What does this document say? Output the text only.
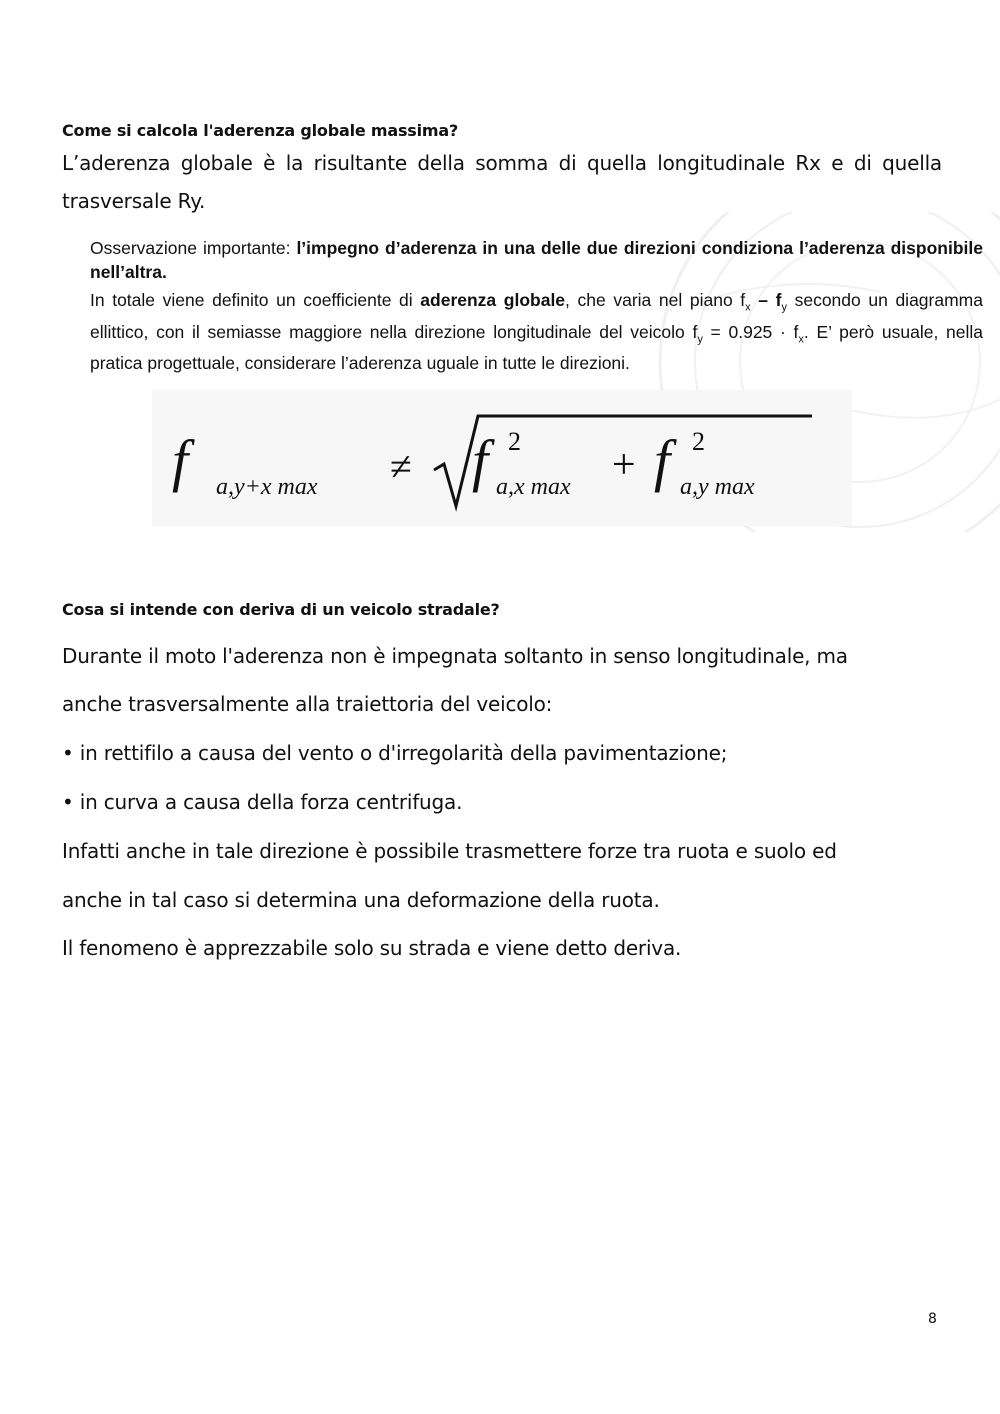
Come si calcola l'aderenza globale massima?
L’aderenza globale è la risultante della somma di quella longitudinale Rx e di quella trasversale Ry.

Osservazione importante: l’impegno d’aderenza in una delle due direzioni condiziona l’aderenza disponibile nell’altra.

In totale viene definito un coefficiente di aderenza globale, che varia nel piano $f_x - f_y$ secondo un diagramma ellittico, con il semiasse maggiore nella direzione longitudinale del veicolo $f_y = 0.925 \cdot f_x$. E’ però usuale, nella pratica progettuale, considerare l’aderenza uguale in tutte le direzioni.

f a,y+x max ≠ f 2
a,x max + f 2
a,y max
Cosa si intende con deriva di un veicolo stradale?
Durante il moto l'aderenza non è impegnata soltanto in senso longitudinale, ma
anche trasversalmente alla traiettoria del veicolo:
• in rettifilo a causa del vento o d'irregolarità della pavimentazione;
• in curva a causa della forza centrifuga.
Infatti anche in tale direzione è possibile trasmettere forze tra ruota e suolo ed
anche in tal caso si determina una deformazione della ruota.
Il fenomeno è apprezzabile solo su strada e viene detto deriva.
8
